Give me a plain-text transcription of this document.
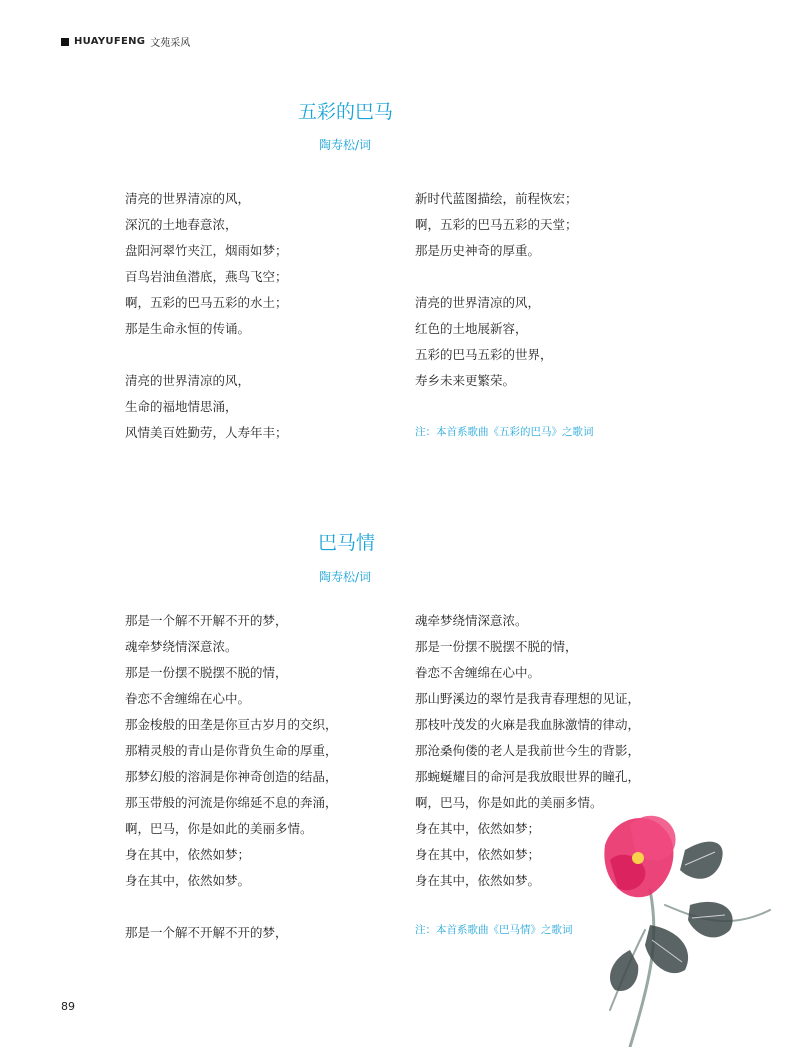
HUAYUFENG 文苑采风
五彩的巴马
陶寿松/词
清亮的世界清凉的风，
深沉的土地春意浓，
盘阳河翠竹夹江，烟雨如梦；
百鸟岩油鱼潜底，燕鸟飞空；
啊，五彩的巴马五彩的水土；
那是生命永恒的传诵。
清亮的世界清凉的风，
生命的福地情思涌，
风情美百姓勤劳，人寿年丰；
新时代蓝图描绘，前程恢宏；
啊，五彩的巴马五彩的天堂；
那是历史神奇的厚重。
清亮的世界清凉的风，
红色的土地展新容，
五彩的巴马五彩的世界，
寿乡未来更繁荣。
注：本首系歌曲《五彩的巴马》之歌词
巴马情
陶寿松/词
那是一个解不开解不开的梦，
魂牵梦绕情深意浓。
那是一份摆不脱摆不脱的情，
眷恋不舍缠绵在心中。
那金梭般的田垄是你亘古岁月的交织，
那精灵般的青山是你背负生命的厚重，
那梦幻般的溶洞是你神奇创造的结晶，
那玉带般的河流是你绵延不息的奔涌，
啊，巴马，你是如此的美丽多情。
身在其中，依然如梦；
身在其中，依然如梦。
那是一个解不开解不开的梦，
魂牵梦绕情深意浓。
那是一份摆不脱摆不脱的情，
眷恋不舍缠绵在心中。
那山野溪边的翠竹是我青春理想的见证，
那枝叶茂发的火麻是我血脉激情的律动，
那沧桑佝偻的老人是我前世今生的背影，
那蜿蜒耀目的命河是我放眼世界的瞳孔，
啊，巴马，你是如此的美丽多情。
身在其中，依然如梦；
身在其中，依然如梦；
身在其中，依然如梦。
注：本首系歌曲《巴马情》之歌词
89
